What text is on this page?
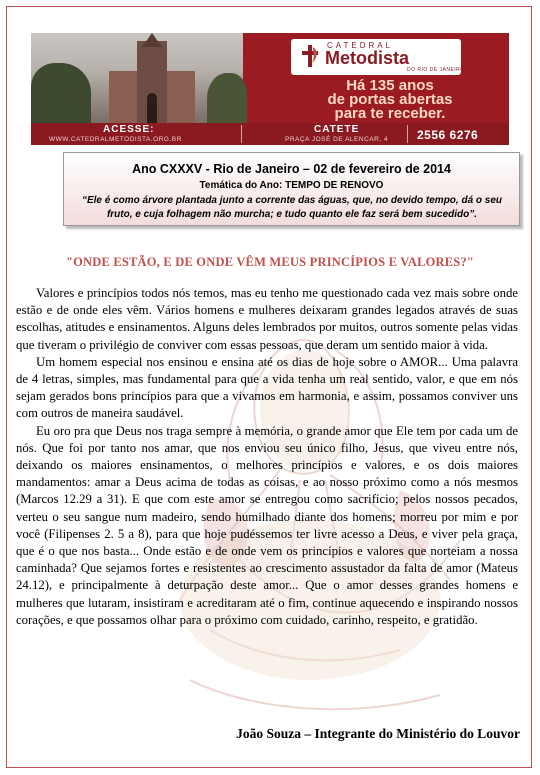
CATEDRAL
Metodista
DO RIO DE JANEIRO
Há 135 anos
de portas abertas
para te receber.
ACESSE:
WWW.CATEDRALMETODISTA.ORG.BR
CATETE
PRAÇA JOSÉ DE ALENCAR, 4 2556 6276
Ano CXXXV - Rio de Janeiro – 02 de fevereiro de 2014
Temática do Ano: TEMPO DE RENOVO
“Ele é como árvore plantada junto a corrente das águas, que, no devido tempo, dá o seu fruto, e cuja folhagem não murcha; e tudo quanto ele faz será bem sucedido”.
"ONDE ESTÃO, E DE ONDE VÊM MEUS PRINCÍPIOS E VALORES?"

Valores e princípios todos nós temos, mas eu tenho me questionado cada vez mais sobre onde estão e de onde eles vêm. Vários homens e mulheres deixaram grandes legados através de suas escolhas, atitudes e ensinamentos. Alguns deles lembrados por muitos, outros somente pelas vidas que tiveram o privilégio de conviver com essas pessoas, que deram um sentido maior à vida.

Um homem especial nos ensinou e ensina até os dias de hoje sobre o AMOR... Uma palavra de 4 letras, simples, mas fundamental para que a vida tenha um real sentido, valor, e que em nós sejam gerados bons princípios para que a vivamos em harmonia, e assim, possamos conviver uns com outros de maneira saudável.

Eu oro pra que Deus nos traga sempre à memória, o grande amor que Ele tem por cada um de nós. Que foi por tanto nos amar, que nos enviou seu único filho, Jesus, que viveu entre nós, deixando os maiores ensinamentos, o melhores princípios e valores, e os dois maiores mandamentos: amar a Deus acima de todas as coisas, e ao nosso próximo como a nós mesmos (Marcos 12.29 a 31). E que com este amor se entregou como sacrifício; pelos nossos pecados, verteu o seu sangue num madeiro, sendo humilhado diante dos homens; morreu por mim e por você (Filipenses 2. 5 a 8), para que hoje pudéssemos ter livre acesso a Deus, e viver pela graça, que é o que nos basta... Onde estão e de onde vem os princípios e valores que norteiam a nossa caminhada? Que sejamos fortes e resistentes ao crescimento assustador da falta de amor (Mateus 24.12), e principalmente à deturpação deste amor... Que o amor desses grandes homens e mulheres que lutaram, insistiram e acreditaram até o fim, continue aquecendo e inspirando nossos corações, e que possamos olhar para o próximo com cuidado, carinho, respeito, e gratidão.

João Souza – Integrante do Ministério do Louvor
